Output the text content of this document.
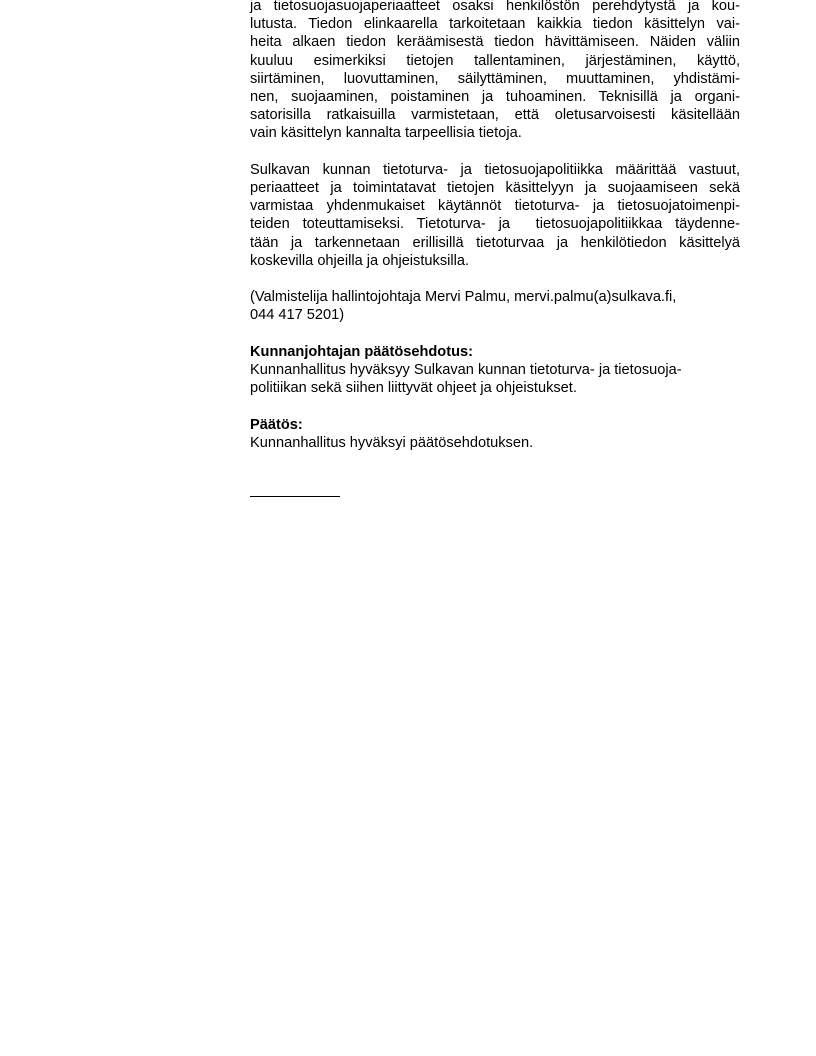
ja tietosuojasuojaperiaatteet osaksi henkilöstön perehdytystä ja kou-
lutusta. Tiedon elinkaarella tarkoitetaan kaikkia tiedon käsittelyn vai-
heita alkaen tiedon keräämisestä tiedon hävittämiseen. Näiden väliin
kuuluu esimerkiksi tietojen tallentaminen, järjestäminen, käyttö,
siirtäminen, luovuttaminen, säilyttäminen, muuttaminen, yhdistämi-
nen, suojaaminen, poistaminen ja tuhoaminen. Teknisillä ja organi-
satorisilla ratkaisuilla varmistetaan, että oletusarvoisesti käsitellään
vain käsittelyn kannalta tarpeellisia tietoja.

Sulkavan kunnan tietoturva- ja tietosuojapolitiikka määrittää vastuut,
periaatteet ja toimintatavat tietojen käsittelyyn ja suojaamiseen sekä
varmistaa yhdenmukaiset käytännöt tietoturva- ja tietosuojatoimenpi-
teiden toteuttamiseksi. Tietoturva- ja  tietosuojapolitiikkaa täydenne-
tään ja tarkennetaan erillisillä tietoturvaa ja henkilötiedon käsittelyä
koskevilla ohjeilla ja ohjeistuksilla.

(Valmistelija hallintojohtaja Mervi Palmu, mervi.palmu(a)sulkava.fi,
044 417 5201)

Kunnanjohtajan päätösehdotus:
Kunnanhallitus hyväksyy Sulkavan kunnan tietoturva- ja tietosuoja-
politiikan sekä siihen liittyvät ohjeet ja ohjeistukset.

Päätös:
Kunnanhallitus hyväksyi päätösehdotuksen.
